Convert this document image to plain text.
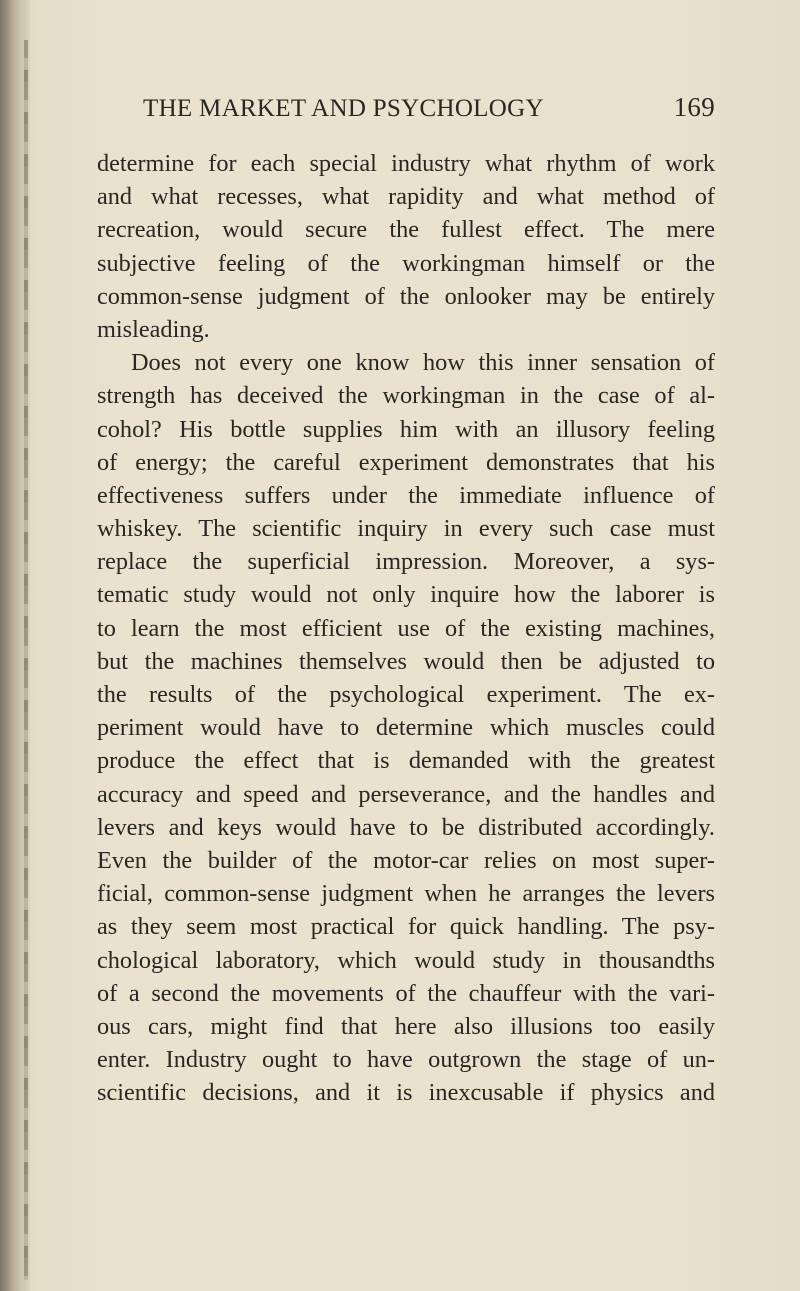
THE MARKET AND PSYCHOLOGY	169
determine for each special industry what rhythm of work
and what recesses, what rapidity and what method of
recreation, would secure the fullest effect. The mere
subjective feeling of the workingman himself or the
common-sense judgment of the onlooker may be entirely
misleading.
Does not every one know how this inner sensation of
strength has deceived the workingman in the case of al-
cohol? His bottle supplies him with an illusory feeling
of energy; the careful experiment demonstrates that his
effectiveness suffers under the immediate influence of
whiskey. The scientific inquiry in every such case must
replace the superficial impression. Moreover, a sys-
tematic study would not only inquire how the laborer is
to learn the most efficient use of the existing machines,
but the machines themselves would then be adjusted to
the results of the psychological experiment. The ex-
periment would have to determine which muscles could
produce the effect that is demanded with the greatest
accuracy and speed and perseverance, and the handles and
levers and keys would have to be distributed accordingly.
Even the builder of the motor-car relies on most super-
ficial, common-sense judgment when he arranges the levers
as they seem most practical for quick handling. The psy-
chological laboratory, which would study in thousandths
of a second the movements of the chauffeur with the vari-
ous cars, might find that here also illusions too easily
enter. Industry ought to have outgrown the stage of un-
scientific decisions, and it is inexcusable if physics and
